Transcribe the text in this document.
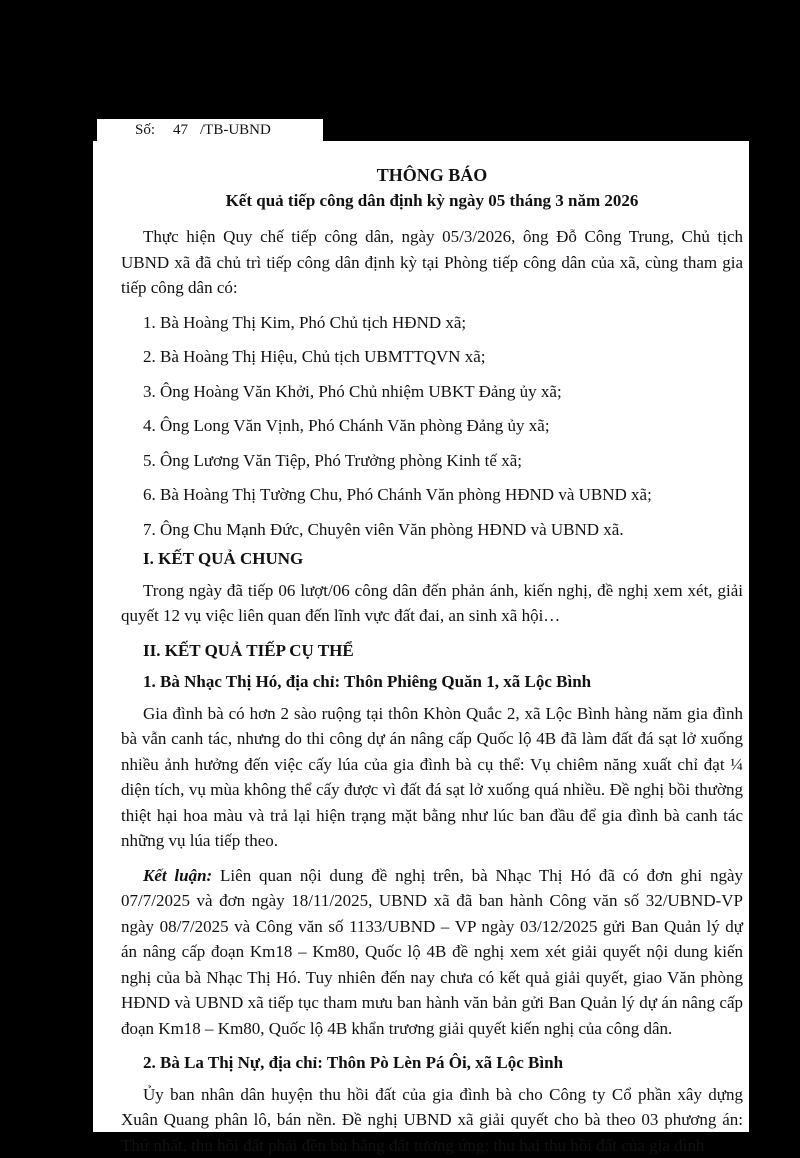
Số: 47 /TB-UBND

THÔNG BÁO

Kết quả tiếp công dân định kỳ ngày 05 tháng 3 năm 2026

Thực hiện Quy chế tiếp công dân, ngày 05/3/2026, ông Đỗ Công Trung, Chủ tịch UBND xã đã chủ trì tiếp công dân định kỳ tại Phòng tiếp công dân của xã, cùng tham gia tiếp công dân có:

1. Bà Hoàng Thị Kim, Phó Chủ tịch HĐND xã;

2. Bà Hoàng Thị Hiệu, Chủ tịch UBMTTQVN xã;

3. Ông Hoàng Văn Khởi, Phó Chủ nhiệm UBKT Đảng ủy xã;

4. Ông Long Văn Vịnh, Phó Chánh Văn phòng Đảng ủy xã;

5. Ông Lương Văn Tiệp, Phó Trưởng phòng Kinh tế xã;

6. Bà Hoàng Thị Tường Chu, Phó Chánh Văn phòng HĐND và UBND xã;

7. Ông Chu Mạnh Đức, Chuyên viên Văn phòng HĐND và UBND xã.

I. KẾT QUẢ CHUNG

Trong ngày đã tiếp 06 lượt/06 công dân đến phản ánh, kiến nghị, đề nghị xem xét, giải quyết 12 vụ việc liên quan đến lĩnh vực đất đai, an sinh xã hội…

II. KẾT QUẢ TIẾP CỤ THỂ

1. Bà Nhạc Thị Hó, địa chỉ: Thôn Phiêng Quăn 1, xã Lộc Bình

Gia đình bà có hơn 2 sào ruộng tại thôn Khòn Quắc 2, xã Lộc Bình hàng năm gia đình bà vẫn canh tác, nhưng do thi công dự án nâng cấp Quốc lộ 4B đã làm đất đá sạt lở xuống nhiều ảnh hưởng đến việc cấy lúa của gia đình bà cụ thể: Vụ chiêm năng xuất chỉ đạt ¼ diện tích, vụ mùa không thể cấy được vì đất đá sạt lở xuống quá nhiều. Đề nghị bồi thường thiệt hại hoa màu và trả lại hiện trạng mặt bằng như lúc ban đầu để gia đình bà canh tác những vụ lúa tiếp theo.

Kết luận: Liên quan nội dung đề nghị trên, bà Nhạc Thị Hó đã có đơn ghi ngày 07/7/2025 và đơn ngày 18/11/2025, UBND xã đã ban hành Công văn số 32/UBND-VP ngày 08/7/2025 và Công văn số 1133/UBND – VP ngày 03/12/2025 gửi Ban Quản lý dự án nâng cấp đoạn Km18 – Km80, Quốc lộ 4B đề nghị xem xét giải quyết nội dung kiến nghị của bà Nhạc Thị Hó. Tuy nhiên đến nay chưa có kết quả giải quyết, giao Văn phòng HĐND và UBND xã tiếp tục tham mưu ban hành văn bản gửi Ban Quản lý dự án nâng cấp đoạn Km18 – Km80, Quốc lộ 4B khẩn trương giải quyết kiến nghị của công dân.

2. Bà La Thị Nự, địa chỉ: Thôn Pò Lèn Pá Ôi, xã Lộc Bình

Ủy ban nhân dân huyện thu hồi đất của gia đình bà cho Công ty Cổ phần xây dựng Xuân Quang phân lô, bán nền. Đề nghị UBND xã giải quyết cho bà theo 03 phương án: Thứ nhất, thu hồi đất phải đền bù bằng đất tương ứng; thu hai thu hồi đất của gia đình
